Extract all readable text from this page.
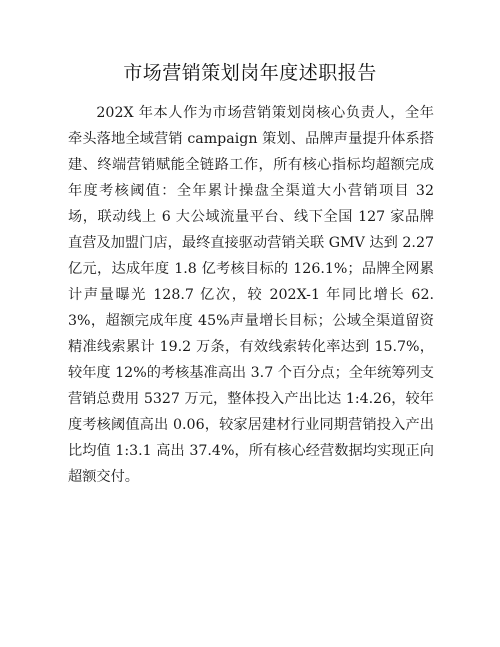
市场营销策划岗年度述职报告

202X 年本人作为市场营销策划岗核心负责人，全年牵头落地全域营销 campaign 策划、品牌声量提升体系搭建、终端营销赋能全链路工作，所有核心指标均超额完成年度考核阈值：全年累计操盘全渠道大小营销项目 32 场，联动线上 6 大公域流量平台、线下全国 127 家品牌直营及加盟门店，最终直接驱动营销关联 GMV 达到 2.27 亿元，达成年度 1.8 亿考核目标的 126.1%；品牌全网累计声量曝光 128.7 亿次，较 202X-1 年同比增长 62.3%，超额完成年度 45%声量增长目标；公域全渠道留资精准线索累计 19.2 万条，有效线索转化率达到 15.7%，较年度 12%的考核基准高出 3.7 个百分点；全年统筹列支营销总费用 5327 万元，整体投入产出比达 1:4.26，较年度考核阈值高出 0.06，较家居建材行业同期营销投入产出比均值 1:3.1 高出 37.4%，所有核心经营数据均实现正向超额交付。
